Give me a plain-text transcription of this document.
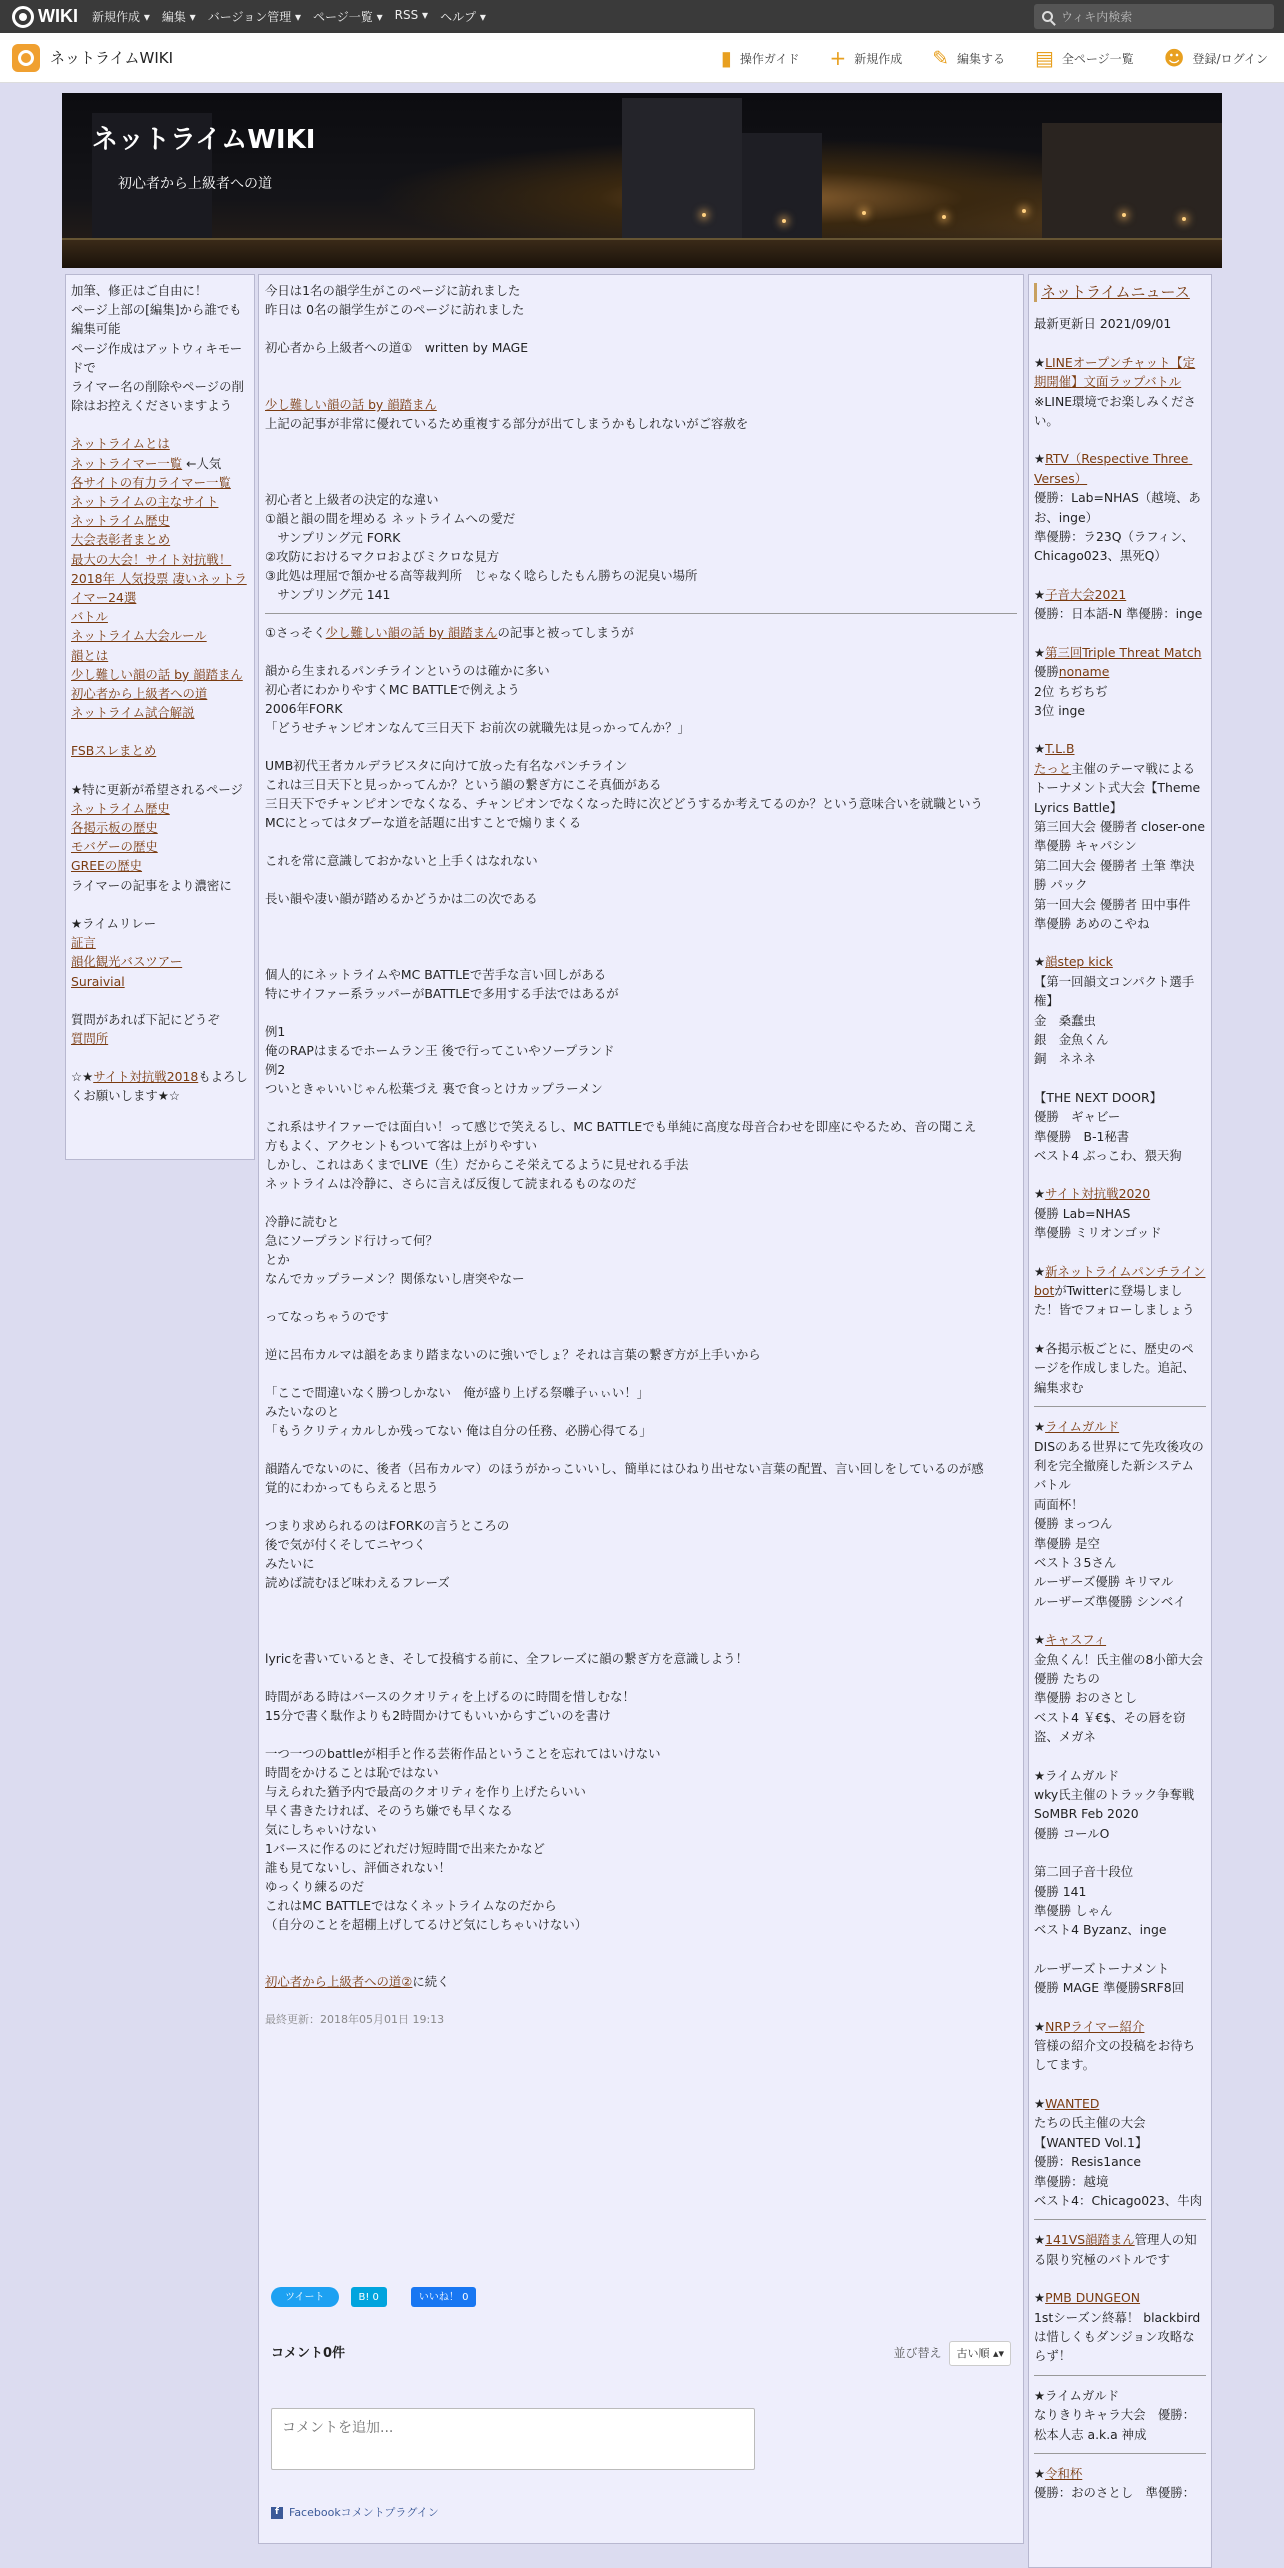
WIKI 新規作成 ▾ 編集 ▾ バージョン管理 ▾ ページ一覧 ▾ RSS ▾ ヘルプ ▾	ウィキ内検索
ネットライムWIKI	▮ 操作ガイド + 新規作成 ✎ 編集する ▤ 全ページ一覧 ☻ 登録/ログイン
ネットライムWIKI
初心者から上級者への道

加筆、修正はご自由に！

ページ上部の[編集]から誰でも編集可能

ページ作成はアットウィキモードで

ライマー名の削除やページの削除はお控えくださいますよう

ネットライムとは

ネットライマー一覧 ←人気

各サイトの有力ライマー一覧

ネットライムの主なサイト

ネットライム歴史

大会表彰者まとめ

最大の大会！サイト対抗戦！

2018年 人気投票 凄いネットライマー24選

バトル

ネットライム大会ルール

韻とは

少し難しい韻の話 by 韻踏まん

初心者から上級者への道

ネットライム試合解説

FSBスレまとめ

★特に更新が希望されるページ

ネットライム歴史

各掲示板の歴史

モバゲーの歴史

GREEの歴史

ライマーの記事をより濃密に

★ライムリレー

証言

韻化観光バスツアー

Suraivial

質問があれば下記にどうぞ

質問所

☆★サイト対抗戦2018もよろしくお願いします★☆

今日は1名の韻学生がこのページに訪れました
昨日は 0名の韻学生がこのページに訪れました
初心者から上級者への道①　written by MAGE
少し難しい韻の話 by 韻踏まん
上記の記事が非常に優れているため重複する部分が出てしまうかもしれないがご容赦を
初心者と上級者の決定的な違い
①韻と韻の間を埋める ネットライムへの愛だ
　サンプリング元 FORK
②攻防におけるマクロおよびミクロな見方
③此処は理屈で頷かせる高等裁判所　じゃなく唸らしたもん勝ちの泥臭い場所
　サンプリング元 141
①さっそく少し難しい韻の話 by 韻踏まんの記事と被ってしまうが
韻から生まれるパンチラインというのは確かに多い
初心者にわかりやすくMC BATTLEで例えよう
2006年FORK
「どうせチャンピオンなんて三日天下 お前次の就職先は見っかってんか？」
UMB初代王者カルデラビスタに向けて放った有名なパンチライン
これは三日天下と見っかってんか？という韻の繋ぎ方にこそ真価がある
三日天下でチャンピオンでなくなる、チャンピオンでなくなった時に次どどうするか考えてるのか？という意味合いを就職という
MCにとってはタブーな道を話題に出すことで煽りまくる
これを常に意識しておかないと上手くはなれない
長い韻や凄い韻が踏めるかどうかは二の次である
個人的にネットライムやMC BATTLEで苦手な言い回しがある
特にサイファー系ラッパーがBATTLEで多用する手法ではあるが
例1
俺のRAPはまるでホームラン王 後で行ってこいやソープランド
例2
ついときゃいいじゃん松葉づえ 裏で食っとけカップラーメン
これ系はサイファーでは面白い！って感じで笑えるし、MC BATTLEでも単純に高度な母音合わせを即座にやるため、音の聞こえ
方もよく、アクセントもついて客は上がりやすい
しかし、これはあくまでLIVE（生）だからこそ栄えてるように見せれる手法
ネットライムは冷静に、さらに言えば反復して読まれるものなのだ
冷静に読むと
急にソープランド行けって何？
とか
なんでカップラーメン？関係ないし唐突やなー
ってなっちゃうのです
逆に呂布カルマは韻をあまり踏まないのに強いでしょ？それは言葉の繋ぎ方が上手いから
「ここで間違いなく勝つしかない　俺が盛り上げる祭囃子ぃぃい！」
みたいなのと
「もうクリティカルしか残ってない 俺は自分の任務、必勝心得てる」
韻踏んでないのに、後者（呂布カルマ）のほうがかっこいいし、簡単にはひねり出せない言葉の配置、言い回しをしているのが感
覚的にわかってもらえると思う
つまり求められるのはFORKの言うところの
後で気が付くそしてニヤつく
みたいに
読めば読むほど味わえるフレーズ
lyricを書いているとき、そして投稿する前に、全フレーズに韻の繋ぎ方を意識しよう！
時間がある時はバースのクオリティを上げるのに時間を惜しむな！
15分で書く駄作よりも2時間かけてもいいからすごいのを書け
一つ一つのbattleが相手と作る芸術作品ということを忘れてはいけない
時間をかけることは恥ではない
与えられた猶予内で最高のクオリティを作り上げたらいい
早く書きたければ、そのうち嫌でも早くなる
気にしちゃいけない
1バースに作るのにどれだけ短時間で出来たかなど
誰も見てないし、評価されない！
ゆっくり練るのだ
これはMC BATTLEではなくネットライムなのだから
（自分のことを超棚上げしてるけど気にしちゃいけない）
初心者から上級者への道②に続く
最終更新：2018年05月01日 19:13
ツイート	B! 0	いいね！ 0
コメント0件	並び替え	古い順 ▴▾
コメントを追加...
f Facebookコメントプラグイン
ネットライムニュース

最新更新日 2021/09/01

★LINEオープンチャット【定期開催】文面ラップバトル

※LINE環境でお楽しみください。

★RTV（Respective Three Verses）

優勝：Lab=NHAS（越境、あお、inge）

準優勝：ラ23Q（ラフィン、Chicago023、黒死Q）

★子音大会2021

優勝：日本語-N 準優勝：inge

★第三回Triple Threat Match

優勝noname

2位 ちぢちぢ

3位 inge

★T.L.B

たっと主催のテーマ戦によるトーナメント式大会【Theme Lyrics Battle】

第三回大会 優勝者 closer-one 準優勝 キャパシン

第二回大会 優勝者 土筆 準決勝 パック

第一回大会 優勝者 田中事件 準優勝 あめのこやね

★韻step kick

【第一回韻文コンパクト選手権】

金　桑蠢虫

銀　金魚くん

銅　ネネネ

【THE NEXT DOOR】

優勝　ギャビー

準優勝　B-1秘書

ベスト4 ぶっこわ、猥天狗

★サイト対抗戦2020

優勝 Lab=NHAS

準優勝 ミリオンゴッド

★新ネットライムパンチラインbotがTwitterに登場しました！皆でフォローしましょう

★各掲示板ごとに、歴史のページを作成しました。追記、編集求む

★ライムガルド

DISのある世界にて先攻後攻の利を完全撤廃した新システムバトル

両面杯！

優勝 まっつん

準優勝 是空

ベスト３5さん

ルーザーズ優勝 キリマル

ルーザーズ準優勝 シンベイ

★キャスフィ

金魚くん！氏主催の8小節大会

優勝 たちの

準優勝 おのさとし

ベスト4 ￥€$、その唇を窃盗、メガネ

★ライムガルド

wky氏主催のトラック争奪戦 SoMBR Feb 2020

優勝 コールO

第二回子音十段位

優勝 141

準優勝 しゃん

ベスト4 Byzanz、inge

ルーザーズトーナメント

優勝 MAGE 準優勝SRF8回

★NRPライマー紹介

管様の紹介文の投稿をお待ちしてます。

★WANTED

たちの氏主催の大会

【WANTED Vol.1】

優勝：Resis1ance

準優勝：越境

ベスト4：Chicago023、牛肉

★141VS韻踏まん管理人の知る限り究極のバトルです

★PMB DUNGEON

1stシーズン終幕！ blackbirdは惜しくもダンジョン攻略ならず！

★ライムガルド

なりきりキャラ大会　優勝：松本人志 a.k.a 神成

★令和杯

優勝：おのさとし　準優勝：
